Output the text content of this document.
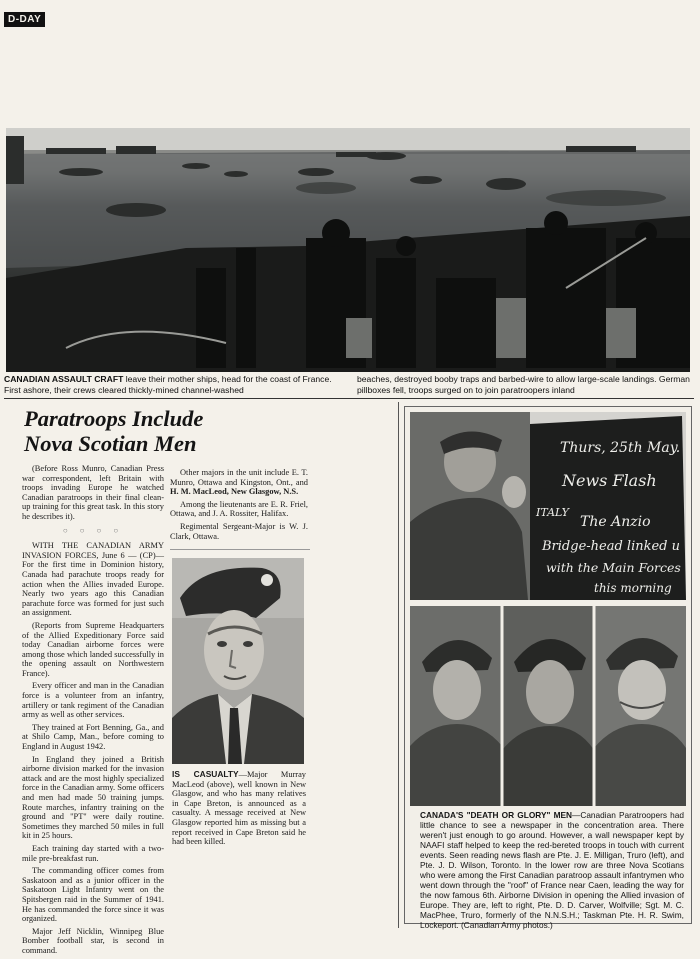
D-DAY
CANADIAN ASSAULT CRAFT leave their mother ships, head for the coast of France. First ashore, their crews cleared thickly-mined channel-washed
beaches, destroyed booby traps and barbed-wire to allow large-scale landings. German pillboxes fell, troops surged on to join paratroopers inland
Paratroops Include
Nova Scotian Men

(Before Ross Munro, Canadian Press war correspondent, left Britain with troops invading Europe he watched Canadian paratroops in their final clean-up training for this great task. In this story he describes it).

○ ○ ○ ○

WITH THE CANADIAN ARMY INVASION FORCES, June 6 — (CP)—For the first time in Dominion history, Canada had parachute troops ready for action when the Allies invaded Europe. Nearly two years ago this Canadian parachute force was formed for just such an assignment.

(Reports from Supreme Headquarters of the Allied Expeditionary Force said today Canadian airborne forces were among those which landed successfully in the opening assault on Northwestern France).

Every officer and man in the Canadian force is a volunteer from an infantry, artillery or tank regiment of the Canadian army as well as other services.

They trained at Fort Benning, Ga., and at Shilo Camp, Man., before coming to England in August 1942.

In England they joined a British airborne division marked for the invasion attack and are the most highly specialized force in the Canadian army. Some officers and men had made 50 training jumps. Route marches, infantry training on the ground and "PT" were daily routine. Sometimes they marched 50 miles in full kit in 25 hours.

Each training day started with a two-mile pre-breakfast run.

The commanding officer comes from Saskatoon and as a junior officer in the Saskatoon Light Infantry went on the Spitsbergen raid in the Summer of 1941. He has commanded the force since it was organized.

Major Jeff Nicklin, Winnipeg Blue Bomber football star, is second in command.

Other majors in the unit include E. T. Munro, Ottawa and Kingston, Ont., and H. M. MacLeod, New Glasgow, N.S.

Among the lieutenants are E. R. Friel, Ottawa, and J. A. Rossiter, Halifax.

Regimental Sergeant-Major is W. J. Clark, Ottawa.

IS CASUALTY—Major Murray MacLeod (above), well known in New Glasgow, and who has many relatives in Cape Breton, is announced as a casualty. A message received at New Glasgow reported him as missing but a report received in Cape Breton said he had been killed.
Thurs, 25th May.
News Flash
ITALY
The Anzio
Bridge-head linked u
with the Main Forces
this morning
CANADA'S "DEATH OR GLORY" MEN—Canadian Paratroopers had little chance to see a newspaper in the concentration area. There weren't just enough to go around. However, a wall newspaper kept by NAAFI staff helped to keep the red-bereted troops in touch with current events. Seen reading news flash are Pte. J. E. Milligan, Truro (left), and Pte. J. D. Wilson, Toronto. In the lower row are three Nova Scotians who were among the First Canadian paratroop assault infantrymen who went down through the "roof" of France near Caen, leading the way for the now famous 6th. Airborne Division in opening the Allied invasion of Europe. They are, left to right, Pte. D. D. Carver, Wolfville; Sgt. M. C. MacPhee, Truro, formerly of the N.N.S.H.; Taskman Pte. H. R. Swim, Lockeport. (Canadian Army photos.)
